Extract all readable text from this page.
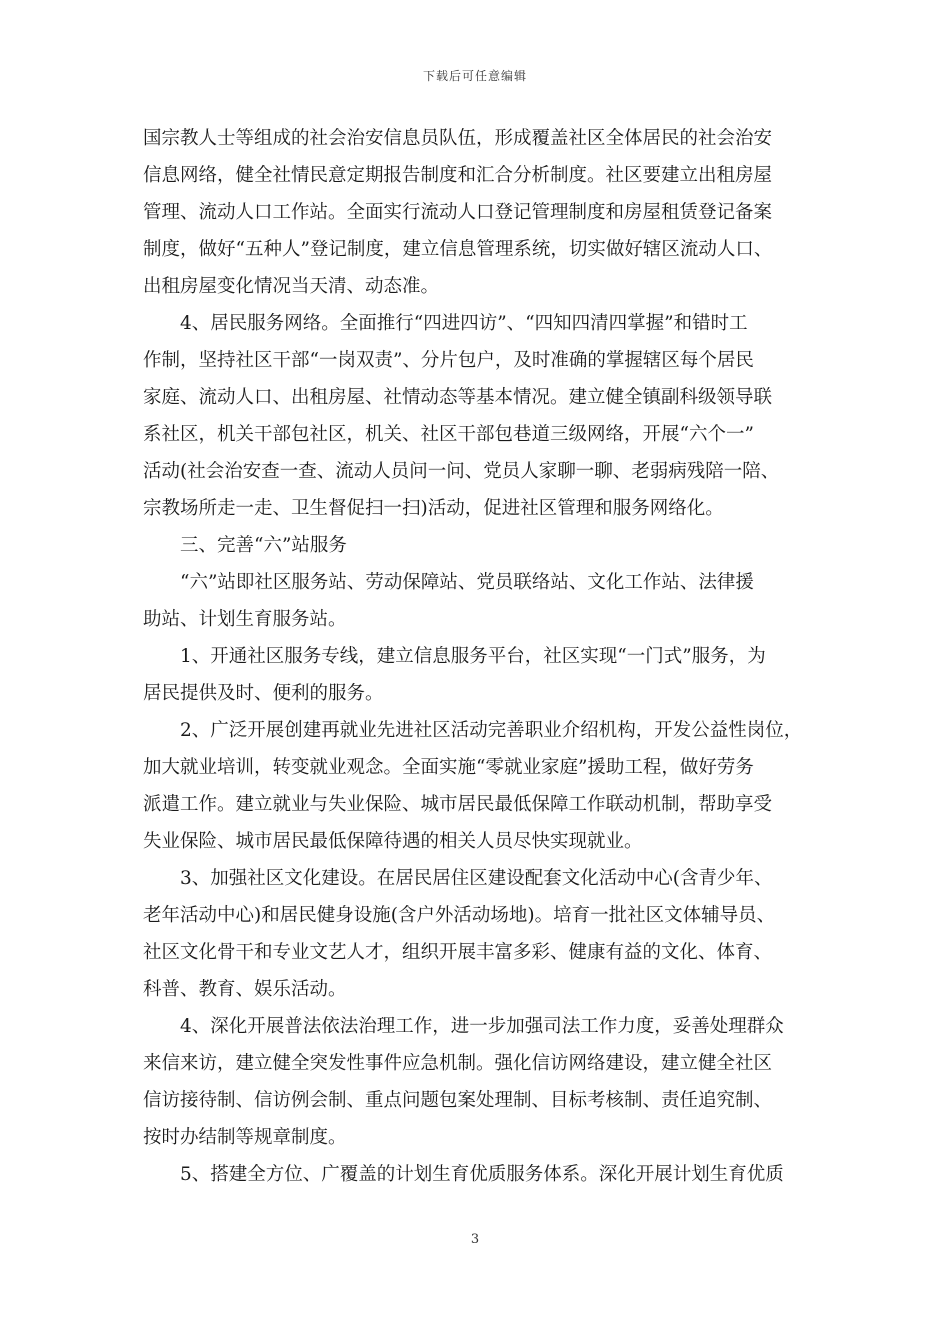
下载后可任意编辑

国宗教人士等组成的社会治安信息员队伍，形成覆盖社区全体居民的社会治安
信息网络，健全社情民意定期报告制度和汇合分析制度。社区要建立出租房屋
管理、流动人口工作站。全面实行流动人口登记管理制度和房屋租赁登记备案
制度，做好“五种人”登记制度，建立信息管理系统，切实做好辖区流动人口、
出租房屋变化情况当天清、动态准。

4、居民服务网络。全面推行“四进四访”、“四知四清四掌握”和错时工
作制，坚持社区干部“一岗双责”、分片包户，及时准确的掌握辖区每个居民
家庭、流动人口、出租房屋、社情动态等基本情况。建立健全镇副科级领导联
系社区，机关干部包社区，机关、社区干部包巷道三级网络，开展“六个一”
活动(社会治安查一查、流动人员问一问、党员人家聊一聊、老弱病残陪一陪、
宗教场所走一走、卫生督促扫一扫)活动，促进社区管理和服务网络化。

三、完善“六”站服务

“六”站即社区服务站、劳动保障站、党员联络站、文化工作站、法律援
助站、计划生育服务站。

1、开通社区服务专线，建立信息服务平台，社区实现“一门式”服务，为
居民提供及时、便利的服务。

2、广泛开展创建再就业先进社区活动完善职业介绍机构，开发公益性岗位，
加大就业培训，转变就业观念。全面实施“零就业家庭”援助工程，做好劳务
派遣工作。建立就业与失业保险、城市居民最低保障工作联动机制，帮助享受
失业保险、城市居民最低保障待遇的相关人员尽快实现就业。

3、加强社区文化建设。在居民居住区建设配套文化活动中心(含青少年、
老年活动中心)和居民健身设施(含户外活动场地)。培育一批社区文体辅导员、
社区文化骨干和专业文艺人才，组织开展丰富多彩、健康有益的文化、体育、
科普、教育、娱乐活动。

4、深化开展普法依法治理工作，进一步加强司法工作力度，妥善处理群众
来信来访，建立健全突发性事件应急机制。强化信访网络建设，建立健全社区
信访接待制、信访例会制、重点问题包案处理制、目标考核制、责任追究制、
按时办结制等规章制度。

5、搭建全方位、广覆盖的计划生育优质服务体系。深化开展计划生育优质

3
